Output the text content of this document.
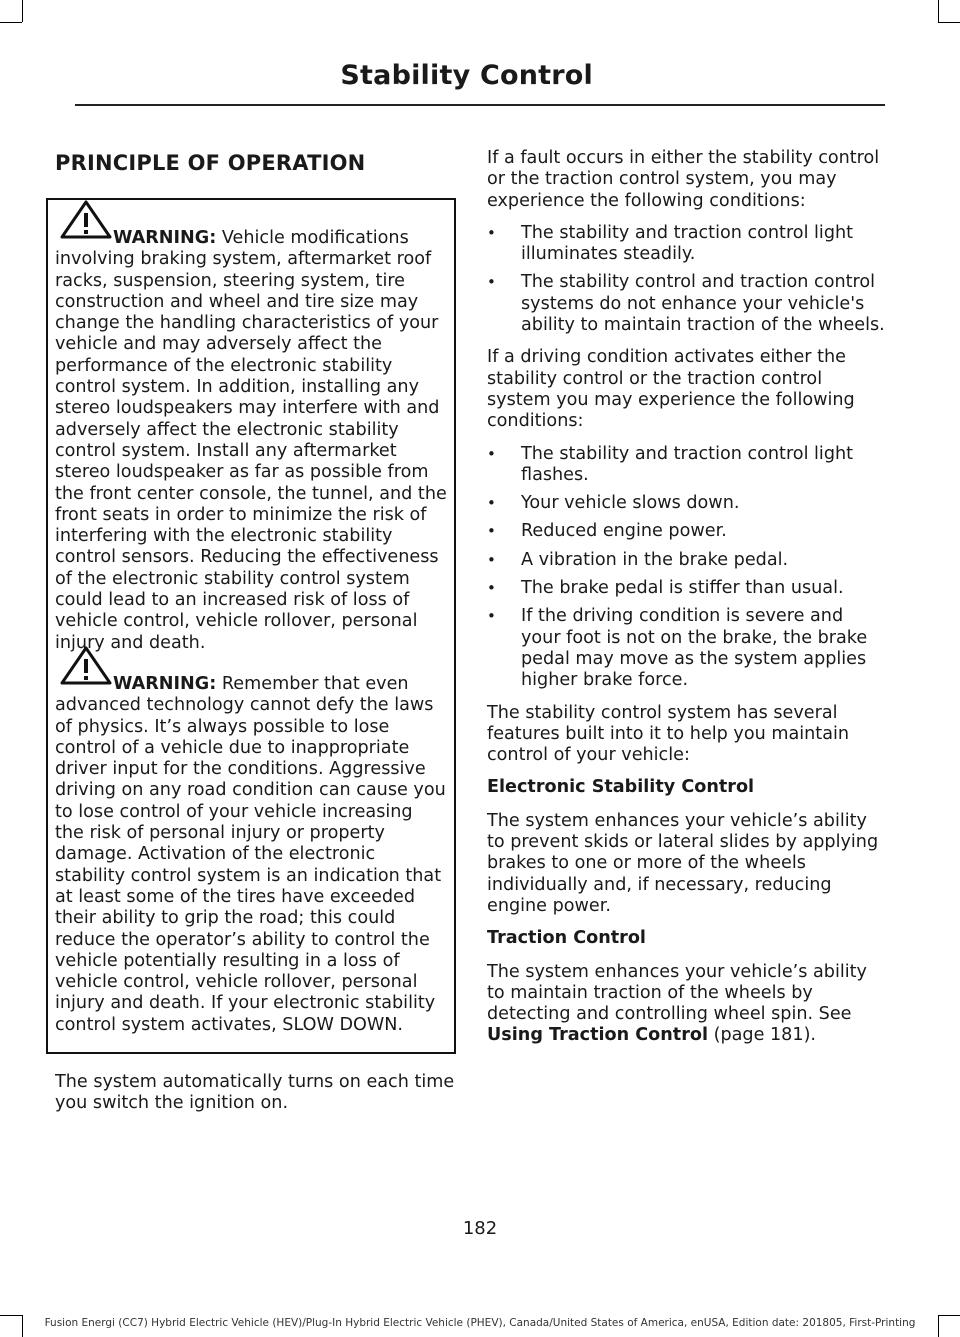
Stability Control
PRINCIPLE OF OPERATION

WARNING: Vehicle modifications involving braking system, aftermarket roof racks, suspension, steering system, tire construction and wheel and tire size may change the handling characteristics of your vehicle and may adversely affect the performance of the electronic stability control system. In addition, installing any stereo loudspeakers may interfere with and adversely affect the electronic stability control system. Install any aftermarket stereo loudspeaker as far as possible from the front center console, the tunnel, and the front seats in order to minimize the risk of interfering with the electronic stability control sensors. Reducing the effectiveness of the electronic stability control system could lead to an increased risk of loss of vehicle control, vehicle rollover, personal injury and death.

WARNING: Remember that even advanced technology cannot defy the laws of physics. It’s always possible to lose control of a vehicle due to inappropriate driver input for the conditions. Aggressive driving on any road condition can cause you to lose control of your vehicle increasing the risk of personal injury or property damage. Activation of the electronic stability control system is an indication that at least some of the tires have exceeded their ability to grip the road; this could reduce the operator’s ability to control the vehicle potentially resulting in a loss of vehicle control, vehicle rollover, personal injury and death. If your electronic stability control system activates, SLOW DOWN.

The system automatically turns on each time you switch the ignition on.

If a fault occurs in either the stability control or the traction control system, you may experience the following conditions:

• The stability and traction control light illuminates steadily.
• The stability control and traction control systems do not enhance your vehicle's ability to maintain traction of the wheels.

If a driving condition activates either the stability control or the traction control system you may experience the following conditions:

• The stability and traction control light flashes.
• Your vehicle slows down.
• Reduced engine power.
• A vibration in the brake pedal.
• The brake pedal is stiffer than usual.
• If the driving condition is severe and your foot is not on the brake, the brake pedal may move as the system applies higher brake force.

The stability control system has several features built into it to help you maintain control of your vehicle:

Electronic Stability Control

The system enhances your vehicle’s ability to prevent skids or lateral slides by applying brakes to one or more of the wheels individually and, if necessary, reducing engine power.

Traction Control

The system enhances your vehicle’s ability to maintain traction of the wheels by detecting and controlling wheel spin. See Using Traction Control (page 181).

182
Fusion Energi (CC7) Hybrid Electric Vehicle (HEV)/Plug-In Hybrid Electric Vehicle (PHEV), Canada/United States of America, enUSA, Edition date: 201805, First-Printing
